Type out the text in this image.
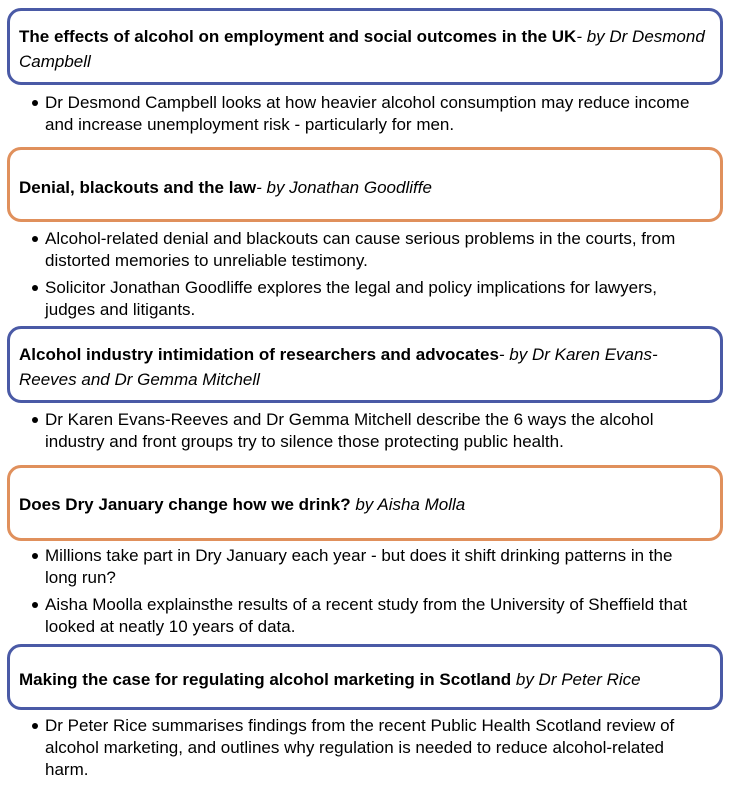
The effects of alcohol on employment and social outcomes in the UK- by Dr Desmond Campbell
Dr Desmond Campbell looks at how heavier alcohol consumption may reduce income and increase unemployment risk - particularly for men.
Denial, blackouts and the law- by Jonathan Goodliffe
Alcohol-related denial and blackouts can cause serious problems in the courts, from distorted memories to unreliable testimony.
Solicitor Jonathan Goodliffe explores the legal and policy implications for lawyers, judges and litigants.
Alcohol industry intimidation of researchers and advocates- by Dr Karen Evans-Reeves and Dr Gemma Mitchell
Dr Karen Evans-Reeves and Dr Gemma Mitchell describe the 6 ways the alcohol industry and front groups try to silence those protecting public health.
Does Dry January change how we drink? by Aisha Molla
Millions take part in Dry January each year - but does it shift drinking patterns in the long run?
Aisha Moolla explainsthe results of a recent study from the University of Sheffield that looked at neatly 10 years of data.
Making the case for regulating alcohol marketing in Scotland by Dr Peter Rice
Dr Peter Rice summarises findings from the recent Public Health Scotland review of alcohol marketing, and outlines why regulation is needed to reduce alcohol-related harm.
